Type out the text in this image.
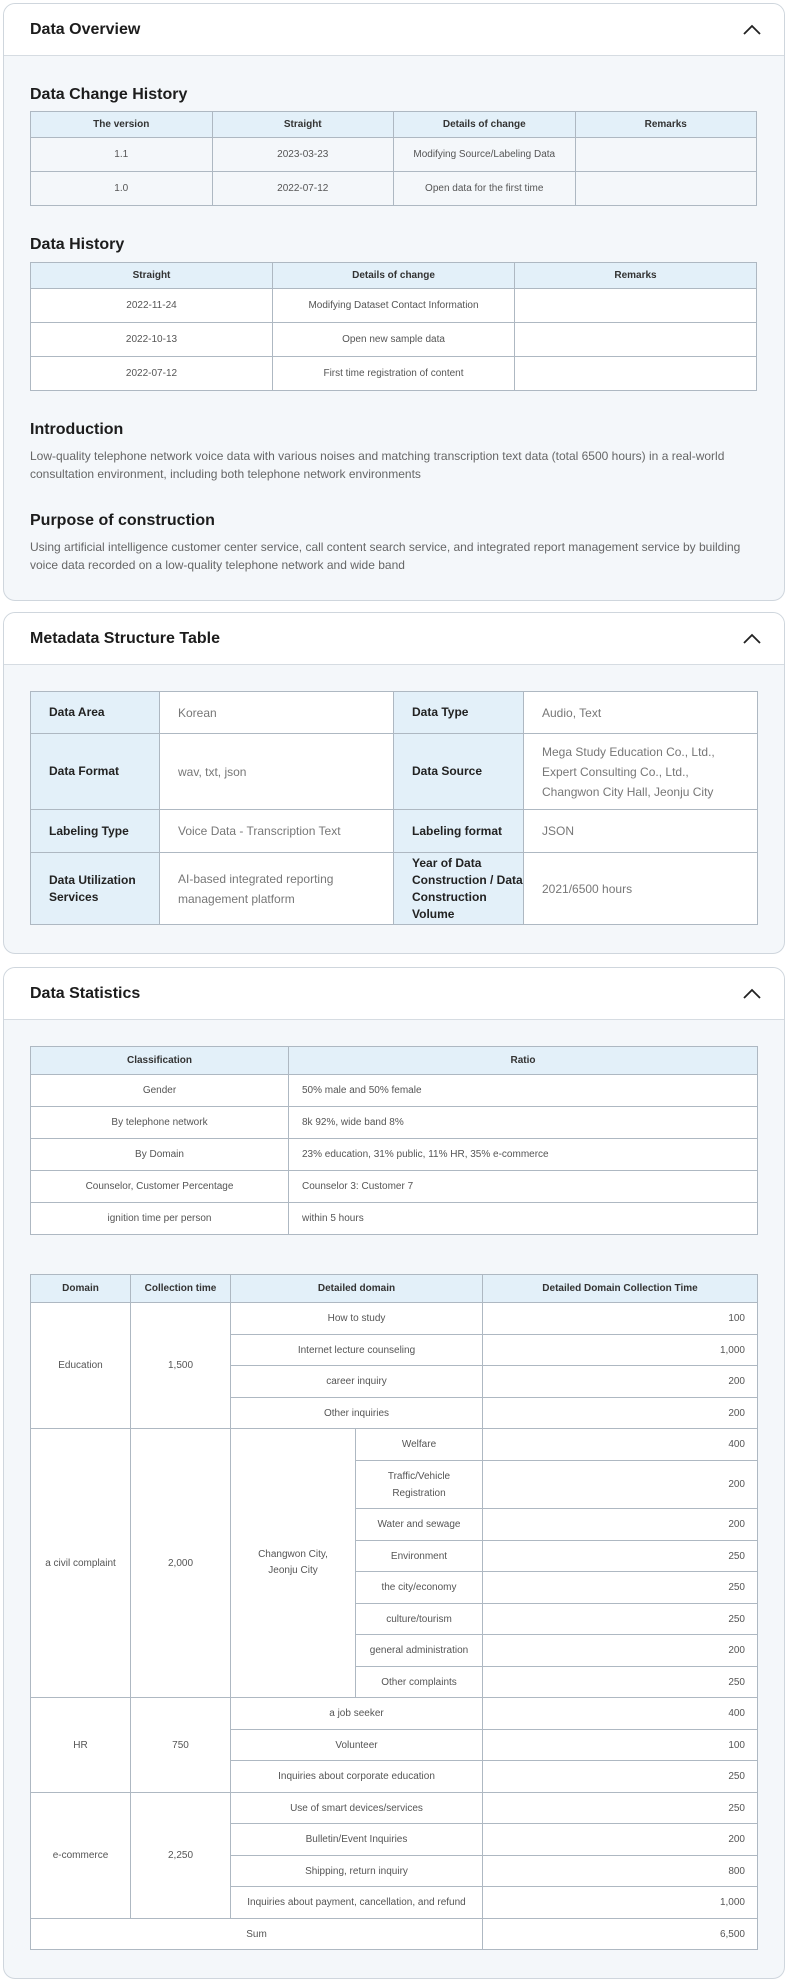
Data Overview
Data Change History
The version	Straight	Details of change	Remarks
1.1	2023-03-23	Modifying Source/Labeling Data	
1.0	2022-07-12	Open data for the first time	
Data History
Straight	Details of change	Remarks
2022-11-24	Modifying Dataset Contact Information	
2022-10-13	Open new sample data	
2022-07-12	First time registration of content	
Introduction
Low-quality telephone network voice data with various noises and matching transcription text data (total 6500 hours) in a real-world consultation environment, including both telephone network environments
Purpose of construction
Using artificial intelligence customer center service, call content search service, and integrated report management service by building voice data recorded on a low-quality telephone network and wide band
Metadata Structure Table
Data Area	Korean	Data Type	Audio, Text
Data Format	wav, txt, json	Data Source	Mega Study Education Co., Ltd., Expert Consulting Co., Ltd., Changwon City Hall, Jeonju City
Labeling Type	Voice Data - Transcription Text	Labeling format	JSON
Data Utilization Services	AI-based integrated reporting management platform	Year of Data Construction / Data Construction Volume	2021/6500 hours
Data Statistics
Classification	Ratio
Gender	50% male and 50% female
By telephone network	8k 92%, wide band 8%
By Domain	23% education, 31% public, 11% HR, 35% e-commerce
Counselor, Customer Percentage	Counselor 3: Customer 7
ignition time per person	within 5 hours
Domain	Collection time	Detailed domain		Detailed Domain Collection Time
Education	1,500	How to study		100
		Internet lecture counseling		1,000
		career inquiry		200
		Other inquiries		200
a civil complaint	2,000	Changwon City, Jeonju City	Welfare	400
			Traffic/Vehicle Registration	200
			Water and sewage	200
			Environment	250
			the city/economy	250
			culture/tourism	250
			general administration	200
			Other complaints	250
HR	750	a job seeker		400
		Volunteer		100
		Inquiries about corporate education		250
e-commerce	2,250	Use of smart devices/services		250
		Bulletin/Event Inquiries		200
		Shipping, return inquiry		800
		Inquiries about payment, cancellation, and refund		1,000
Sum				6,500
